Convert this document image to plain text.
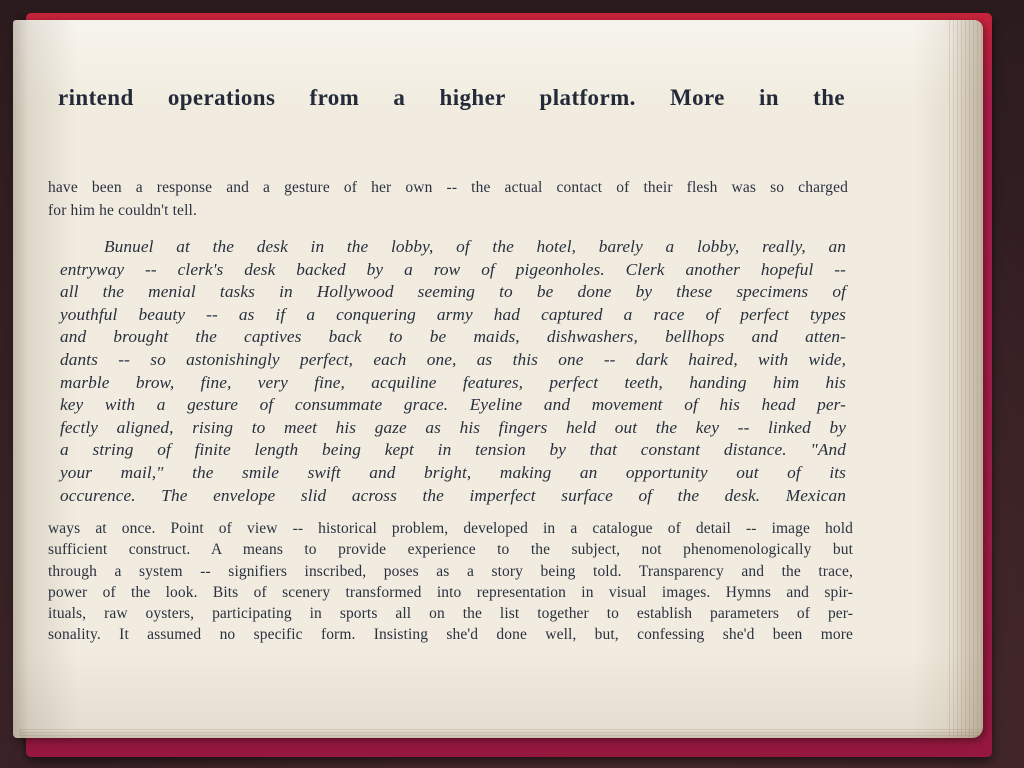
rintend operations from a higher platform. More in the
have been a response and a gesture of her own -- the actual contact of their flesh was so charged
for him he couldn't tell.
Bunuel at the desk in the lobby, of the hotel, barely a lobby, really, an
entryway -- clerk's desk backed by a row of pigeonholes. Clerk another hopeful --
all the menial tasks in Hollywood seeming to be done by these specimens of
youthful beauty -- as if a conquering army had captured a race of perfect types
and brought the captives back to be maids, dishwashers, bellhops and atten-
dants -- so astonishingly perfect, each one, as this one -- dark haired, with wide,
marble brow, fine, very fine, acquiline features, perfect teeth, handing him his
key with a gesture of consummate grace. Eyeline and movement of his head per-
fectly aligned, rising to meet his gaze as his fingers held out the key -- linked by
a string of finite length being kept in tension by that constant distance. "And
your mail," the smile swift and bright, making an opportunity out of its
occurence. The envelope slid across the imperfect surface of the desk. Mexican
ways at once. Point of view -- historical problem, developed in a catalogue of detail -- image hold
sufficient construct. A means to provide experience to the subject, not phenomenologically but
through a system -- signifiers inscribed, poses as a story being told. Transparency and the trace,
power of the look. Bits of scenery transformed into representation in visual images. Hymns and spir-
ituals, raw oysters, participating in sports all on the list together to establish parameters of per-
sonality. It assumed no specific form. Insisting she'd done well, but, confessing she'd been more
